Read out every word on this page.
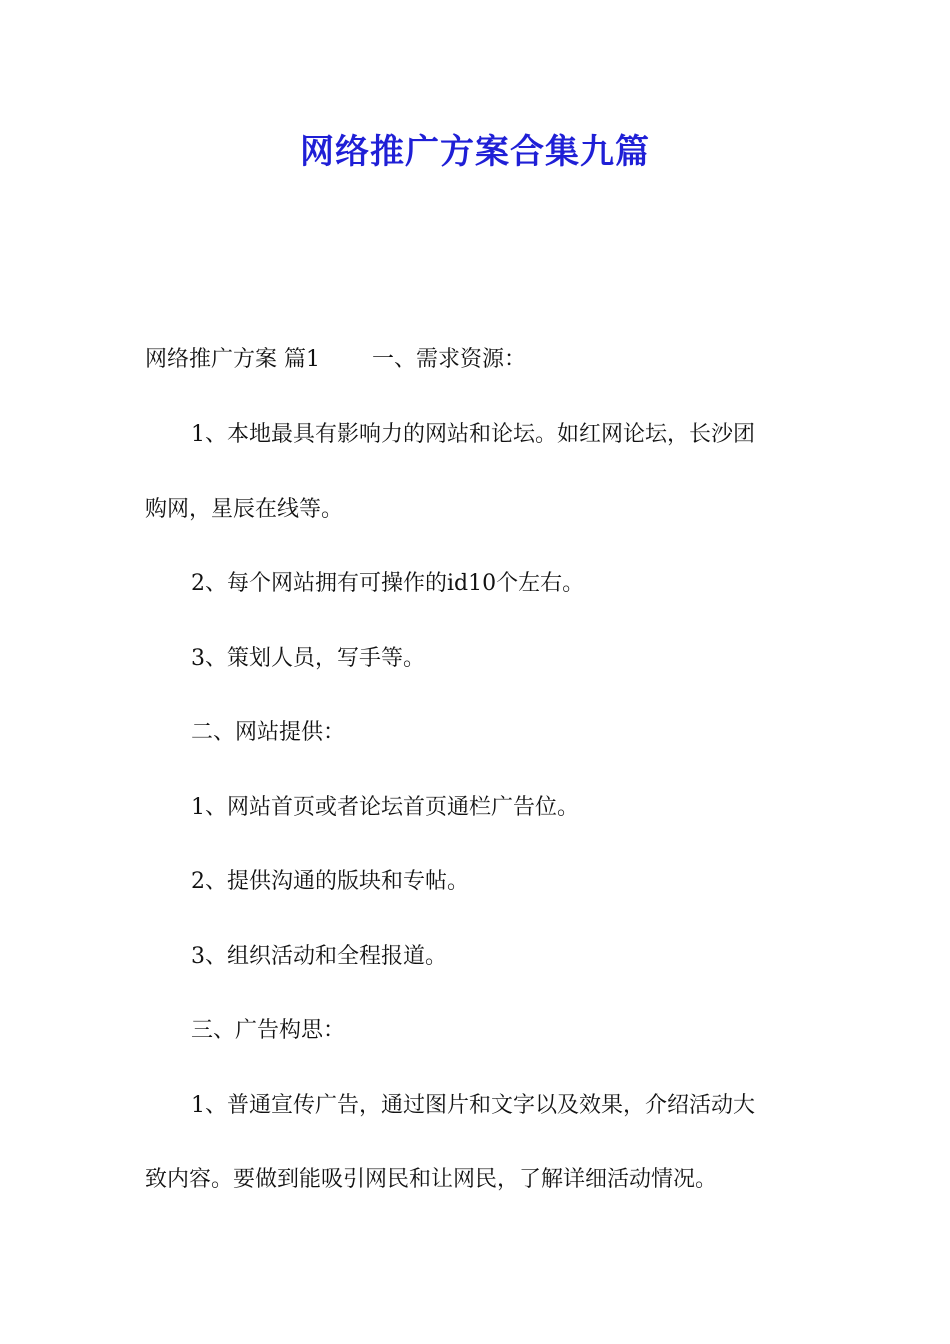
网络推广方案合集九篇
网络推广方案 篇1 一、需求资源：
1、本地最具有影响力的网站和论坛。如红网论坛，长沙团
购网，星辰在线等。
2、每个网站拥有可操作的id10个左右。
3、策划人员，写手等。
二、网站提供：
1、网站首页或者论坛首页通栏广告位。
2、提供沟通的版块和专帖。
3、组织活动和全程报道。
三、广告构思：
1、普通宣传广告，通过图片和文字以及效果，介绍活动大
致内容。要做到能吸引网民和让网民，了解详细活动情况。
